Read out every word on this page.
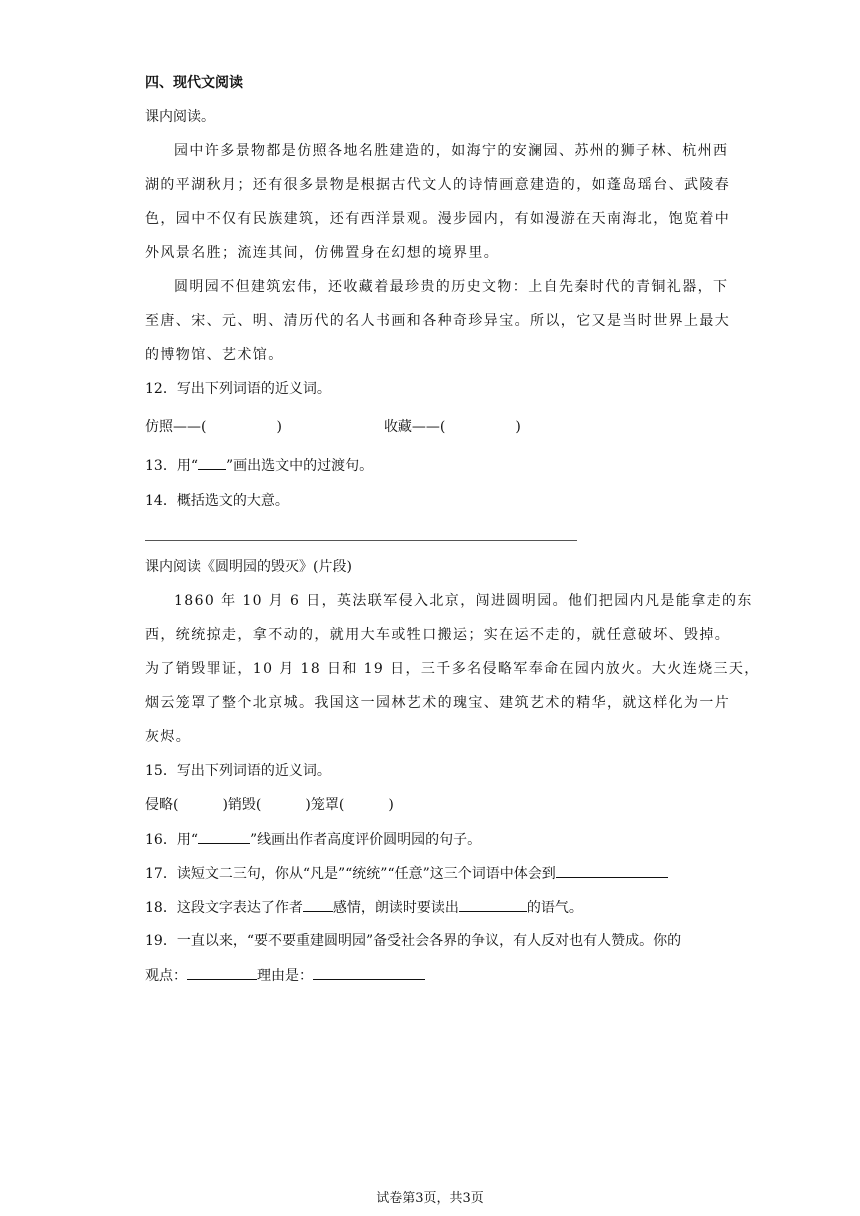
四、现代文阅读
课内阅读。
园中许多景物都是仿照各地名胜建造的，如海宁的安澜园、苏州的狮子林、杭州西
湖的平湖秋月；还有很多景物是根据古代文人的诗情画意建造的，如蓬岛瑶台、武陵春
色，园中不仅有民族建筑，还有西洋景观。漫步园内，有如漫游在天南海北，饱览着中
外风景名胜；流连其间，仿佛置身在幻想的境界里。
圆明园不但建筑宏伟，还收藏着最珍贵的历史文物：上自先秦时代的青铜礼器，下
至唐、宋、元、明、清历代的名人书画和各种奇珍异宝。所以，它又是当时世界上最大
的博物馆、艺术馆。
12．写出下列词语的近义词。
仿照——(	)	收藏——(	)
13．用“ ”画出选文中的过渡句。
14．概括选文的大意。
课内阅读《圆明园的毁灭》(片段)
1860 年 10 月 6 日，英法联军侵入北京，闯进圆明园。他们把园内凡是能拿走的东
西，统统掠走，拿不动的，就用大车或牲口搬运；实在运不走的，就任意破坏、毁掉。
为了销毁罪证，10 月 18 日和 19 日，三千多名侵略军奉命在园内放火。大火连烧三天，
烟云笼罩了整个北京城。我国这一园林艺术的瑰宝、建筑艺术的精华，就这样化为一片
灰烬。
15．写出下列词语的近义词。
侵略(	)销毁(	)笼罩(	)
16．用“	”线画出作者高度评价圆明园的句子。
17．读短文二三句，你从“凡是”“统统”“任意”这三个词语中体会到
18．这段文字表达了作者 感情，朗读时要读出	的语气。
19．一直以来，“要不要重建圆明园”备受社会各界的争议，有人反对也有人赞成。你的
观点：	理由是：
试卷第3页，共3页
